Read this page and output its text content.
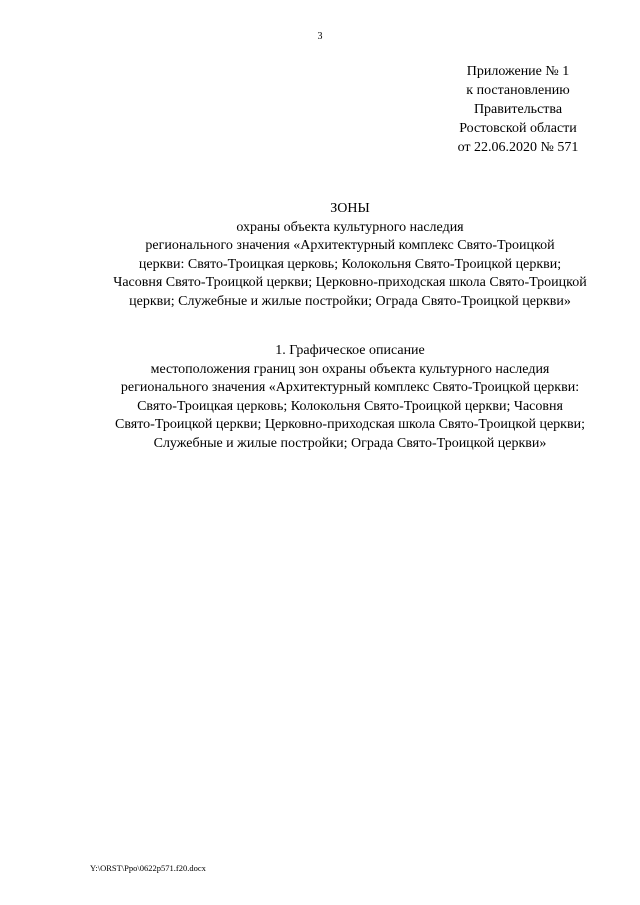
3
Приложение № 1
к постановлению
Правительства
Ростовской области
от 22.06.2020 № 571
ЗОНЫ
охраны объекта культурного наследия
регионального значения «Архитектурный комплекс Свято-Троицкой
церкви: Свято-Троицкая церковь; Колокольня Свято-Троицкой церкви;
Часовня Свято-Троицкой церкви; Церковно-приходская школа Свято-Троицкой
церкви; Служебные и жилые постройки; Ограда Свято-Троицкой церкви»
1. Графическое описание
местоположения границ зон охраны объекта культурного наследия
регионального значения «Архитектурный комплекс Свято-Троицкой церкви:
Свято-Троицкая церковь; Колокольня Свято-Троицкой церкви; Часовня
Свято-Троицкой церкви; Церковно-приходская школа Свято-Троицкой церкви;
Служебные и жилые постройки; Ограда Свято-Троицкой церкви»
Y:\ORST\Ppo\0622p571.f20.docx
